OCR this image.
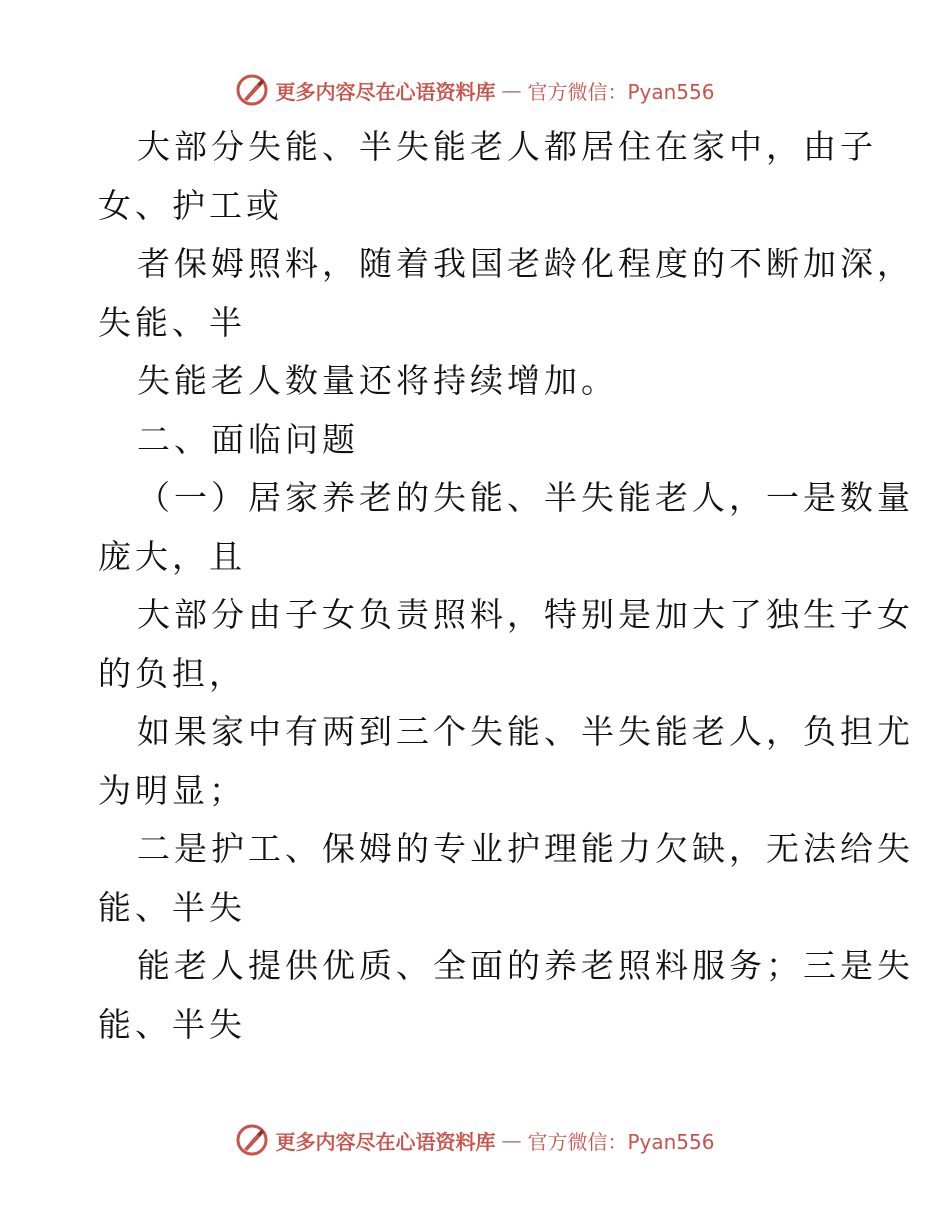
更多内容尽在心语资料库 — 官方微信：Pyan556
大部分失能、半失能老人都居住在家中，由子
女、护工或
者保姆照料，随着我国老龄化程度的不断加深，
失能、半
失能老人数量还将持续增加。
二、面临问题
（一）居家养老的失能、半失能老人，一是数量
庞大，且
大部分由子女负责照料，特别是加大了独生子女
的负担，
如果家中有两到三个失能、半失能老人，负担尤
为明显；
二是护工、保姆的专业护理能力欠缺，无法给失
能、半失
能老人提供优质、全面的养老照料服务；三是失
能、半失
更多内容尽在心语资料库 — 官方微信：Pyan556
